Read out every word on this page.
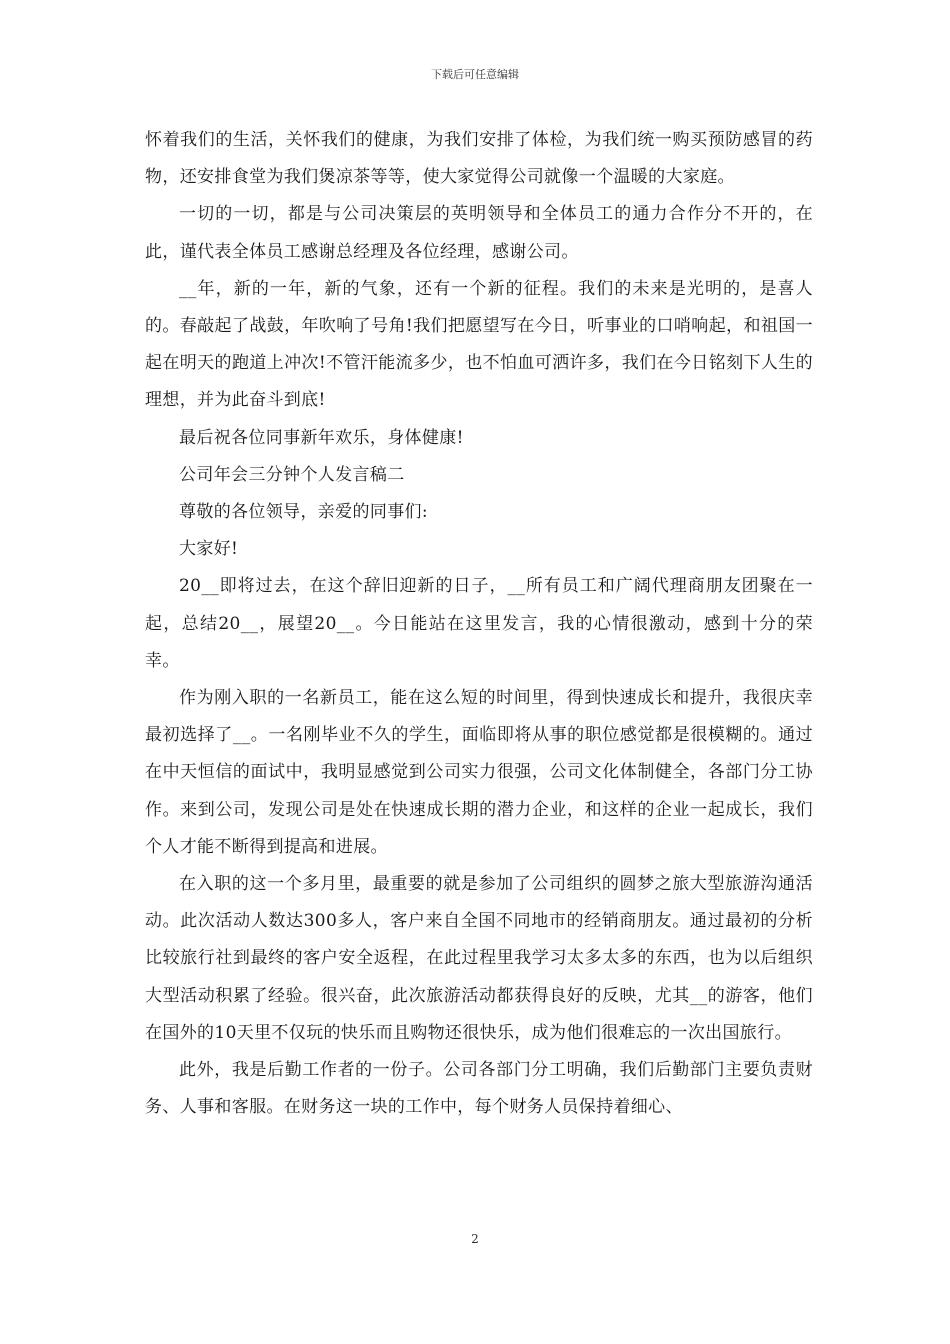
下载后可任意编辑

怀着我们的生活，关怀我们的健康，为我们安排了体检，为我们统一购买预防感冒的药物，还安排食堂为我们煲凉茶等等，使大家觉得公司就像一个温暖的大家庭。

一切的一切，都是与公司决策层的英明领导和全体员工的通力合作分不开的，在此，谨代表全体员工感谢总经理及各位经理，感谢公司。

__年，新的一年，新的气象，还有一个新的征程。我们的未来是光明的，是喜人的。春敲起了战鼓，年吹响了号角!我们把愿望写在今日，听事业的口哨响起，和祖国一起在明天的跑道上冲次!不管汗能流多少，也不怕血可洒许多，我们在今日铭刻下人生的理想，并为此奋斗到底!

最后祝各位同事新年欢乐，身体健康!

公司年会三分钟个人发言稿二

尊敬的各位领导，亲爱的同事们:

大家好!

20__即将过去，在这个辞旧迎新的日子，__所有员工和广阔代理商朋友团聚在一起，总结20__，展望20__。今日能站在这里发言，我的心情很激动，感到十分的荣幸。

作为刚入职的一名新员工，能在这么短的时间里，得到快速成长和提升，我很庆幸最初选择了__。一名刚毕业不久的学生，面临即将从事的职位感觉都是很模糊的。通过在中天恒信的面试中，我明显感觉到公司实力很强，公司文化体制健全，各部门分工协作。来到公司，发现公司是处在快速成长期的潜力企业，和这样的企业一起成长，我们个人才能不断得到提高和进展。

在入职的这一个多月里，最重要的就是参加了公司组织的圆梦之旅大型旅游沟通活动。此次活动人数达300多人，客户来自全国不同地市的经销商朋友。通过最初的分析比较旅行社到最终的客户安全返程，在此过程里我学习太多太多的东西，也为以后组织大型活动积累了经验。很兴奋，此次旅游活动都获得良好的反映，尤其__的游客，他们在国外的10天里不仅玩的快乐而且购物还很快乐，成为他们很难忘的一次出国旅行。

此外，我是后勤工作者的一份子。公司各部门分工明确，我们后勤部门主要负责财务、人事和客服。在财务这一块的工作中，每个财务人员保持着细心、

2
